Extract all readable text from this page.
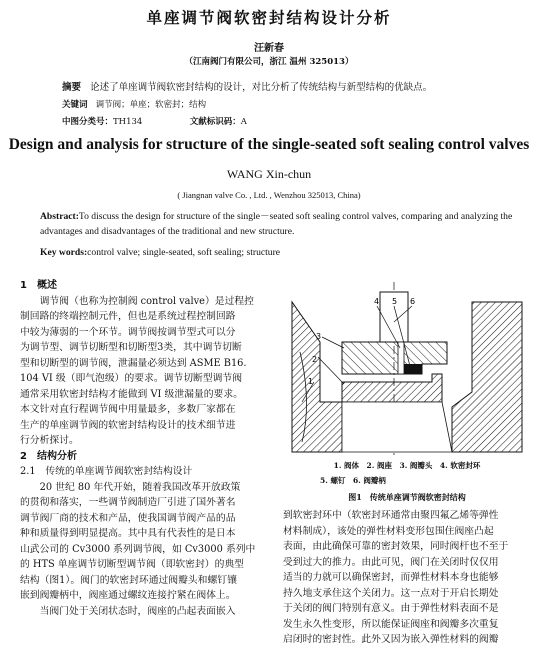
单座调节阀软密封结构设计分析
汪新春
（江南阀门有限公司，浙江 温州 325013）
摘要 论述了单座调节阀软密封结构的设计，对比分析了传统结构与新型结构的优缺点。
关键词 调节阀；单座；软密封；结构
中图分类号：TH134	文献标识码：A
Design and analysis for structure of the single-seated soft sealing control valves
WANG Xin-chun
( Jiangnan valve Co. , Ltd. , Wenzhou 325013, China)
Abstract:To discuss the design for structure of the single－seated soft sealing control valves, comparing and analyzing the advantages and disadvantages of the traditional and new structure.
Key words:control valve; single-seated, soft sealing; structure
1　概述
　　调节阀（也称为控制阀 control valve）是过程控
制回路的终端控制元件，但也是系统过程控制回路
中较为薄弱的一个环节。调节阀按调节型式可以分
为调节型、调节切断型和切断型3类，其中调节切断
型和切断型的调节阀，泄漏量必须达到 ASME B16.
104 VI 级（即气泡级）的要求。调节切断型调节阀
通常采用软密封结构才能做到 VI 级泄漏量的要求。
本文针对直行程调节阀中用量最多，多数厂家都在
生产的单座调节阀的软密封结构设计的技术细节进
行分析探讨。
2　结构分析
2.1　传统的单座调节阀软密封结构设计
　　20 世纪 80 年代开始，随着我国改革开放政策
的贯彻和落实，一些调节阀制造厂引进了国外著名
调节阀厂商的技术和产品，使我国调节阀产品的品
种和质量得到明显提高。其中具有代表性的是日本
山武公司的 Cv3000 系列调节阀，如 Cv3000 系列中
的 HTS 单座调节切断型调节阀（即软密封）的典型
结构（图1）。阀门的软密封环通过阀瓣头和螺钉镶
嵌到阀瓣柄中，阀座通过螺纹连接拧紧在阀体上。
　　当阀门处于关闭状态时，阀座的凸起表面嵌入
1
2
3
4 5 6
1. 阀体　2. 阀座　3. 阀瓣头　4. 软密封环
5. 螺钉　6. 阀瓣柄
图1　传统单座调节阀软密封结构
到软密封环中（软密封环通常由聚四氟乙烯等弹性
材料制成），该处的弹性材料变形包围住阀座凸起
表面，由此确保可靠的密封效果，同时阀杆也不至于
受到过大的推力。由此可见，阀门在关闭时仅仅用
适当的力就可以确保密封，而弹性材料本身也能够
持久地支承住这个关闭力。这一点对于开启长期处
于关闭的阀门特别有意义。由于弹性材料表面不是
发生永久性变形，所以能保证阀座和阀瓣多次重复
启闭时的密封性。此外又因为嵌入弹性材料的阀瓣
